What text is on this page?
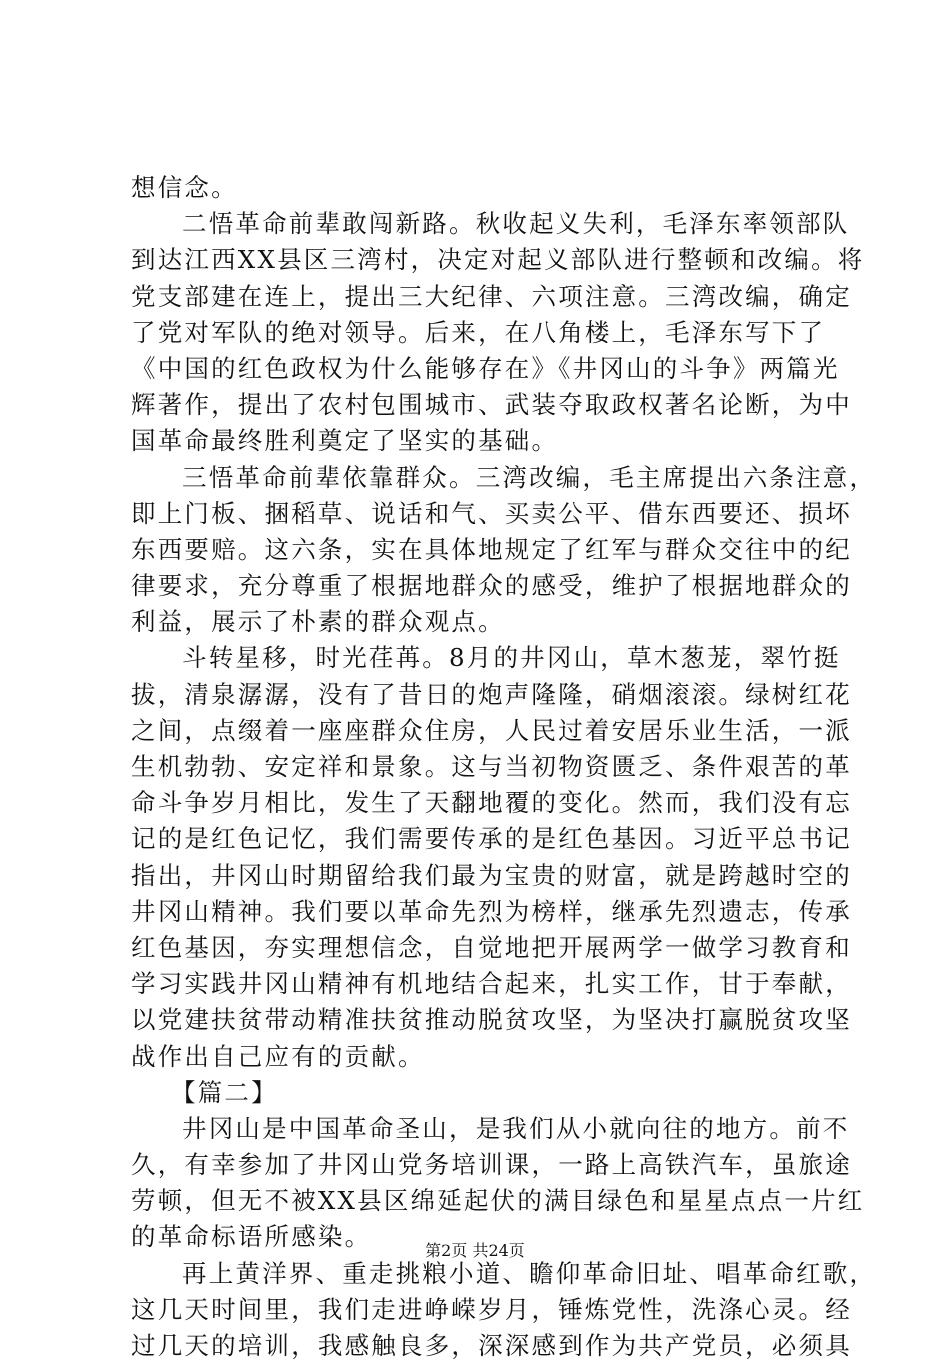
想信念。
二悟革命前辈敢闯新路。秋收起义失利，毛泽东率领部队
到达江西XX县区三湾村，决定对起义部队进行整顿和改编。将
党支部建在连上，提出三大纪律、六项注意。三湾改编，确定
了党对军队的绝对领导。后来，在八角楼上，毛泽东写下了
《中国的红色政权为什么能够存在》《井冈山的斗争》两篇光
辉著作，提出了农村包围城市、武装夺取政权著名论断，为中
国革命最终胜利奠定了坚实的基础。
三悟革命前辈依靠群众。三湾改编，毛主席提出六条注意，
即上门板、捆稻草、说话和气、买卖公平、借东西要还、损坏
东西要赔。这六条，实在具体地规定了红军与群众交往中的纪
律要求，充分尊重了根据地群众的感受，维护了根据地群众的
利益，展示了朴素的群众观点。
斗转星移，时光荏苒。8月的井冈山，草木葱茏，翠竹挺
拔，清泉潺潺，没有了昔日的炮声隆隆，硝烟滚滚。绿树红花
之间，点缀着一座座群众住房，人民过着安居乐业生活，一派
生机勃勃、安定祥和景象。这与当初物资匮乏、条件艰苦的革
命斗争岁月相比，发生了天翻地覆的变化。然而，我们没有忘
记的是红色记忆，我们需要传承的是红色基因。习近平总书记
指出，井冈山时期留给我们最为宝贵的财富，就是跨越时空的
井冈山精神。我们要以革命先烈为榜样，继承先烈遗志，传承
红色基因，夯实理想信念，自觉地把开展两学一做学习教育和
学习实践井冈山精神有机地结合起来，扎实工作，甘于奉献，
以党建扶贫带动精准扶贫推动脱贫攻坚，为坚决打赢脱贫攻坚
战作出自己应有的贡献。
【篇二】
井冈山是中国革命圣山，是我们从小就向往的地方。前不
久，有幸参加了井冈山党务培训课，一路上高铁汽车，虽旅途
劳顿，但无不被XX县区绵延起伏的满目绿色和星星点点一片红
的革命标语所感染。
再上黄洋界、重走挑粮小道、瞻仰革命旧址、唱革命红歌，
这几天时间里，我们走进峥嵘岁月，锤炼党性，洗涤心灵。经
过几天的培训，我感触良多，深深感到作为共产党员，必须具
第2页 共24页
